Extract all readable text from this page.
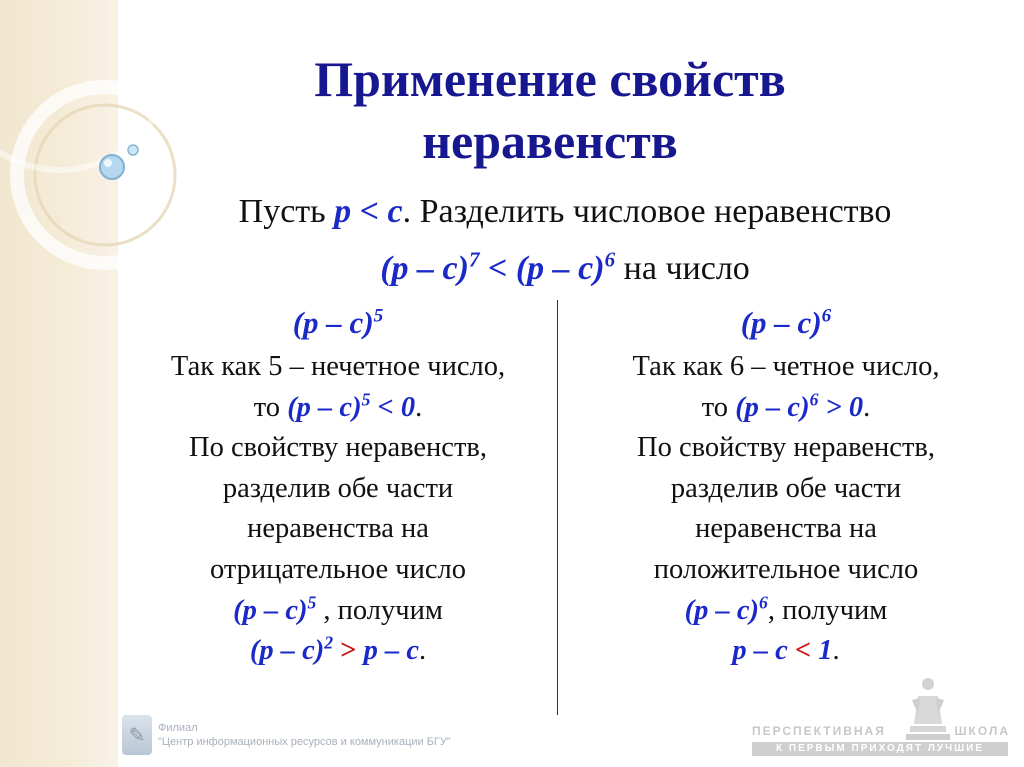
Применение свойств
неравенств
Пусть p < c. Разделить числовое неравенство
(p – c)$^7$ < (p – c)$^6$ на число
(p – c)$^5$
Так как 5 – нечетное число,
то (p – c)$^5$ < 0.
По свойству неравенств,
разделив обе части
неравенства на
отрицательное число
(p – c)$^5$ , получим
(p – c)$^2$ > p – c.
(p – c)$^6$
Так как 6 – четное число,
то (p – c)$^6$ > 0.
По свойству неравенств,
разделив обе части
неравенства на
положительное число
(p – c)$^6$, получим
p – c < 1.
✎	Филиал
"Центр информационных ресурсов и коммуникации БГУ"
ПЕРСПЕКТИВНАЯ	ШКОЛА
К ПЕРВЫМ ПРИХОДЯТ ЛУЧШИЕ
